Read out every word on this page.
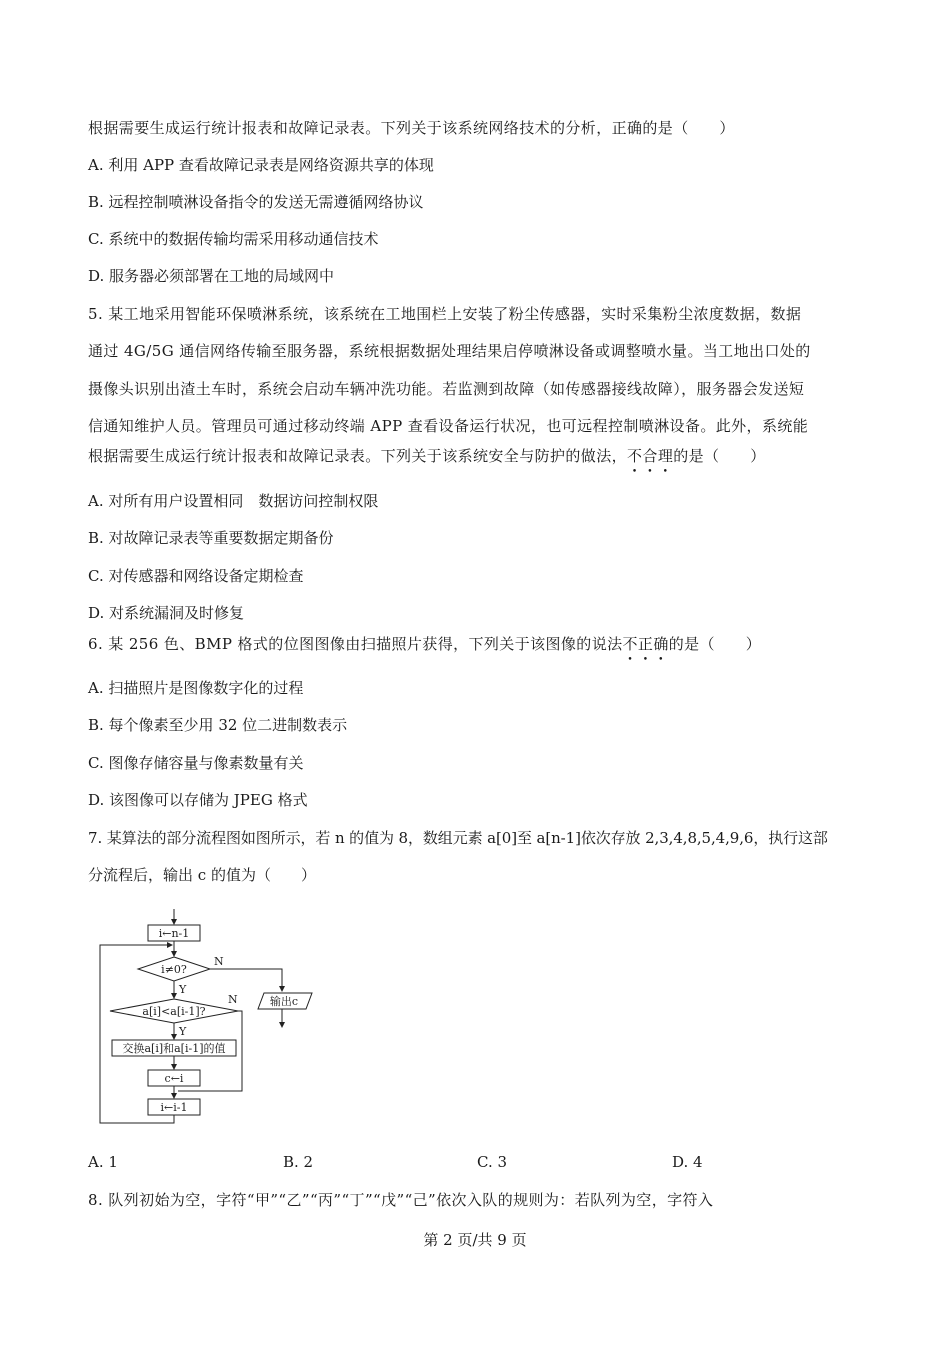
根据需要生成运行统计报表和故障记录表。下列关于该系统网络技术的分析，正确的是（　　）
A. 利用 APP 查看故障记录表是网络资源共享的体现
B. 远程控制喷淋设备指令的发送无需遵循网络协议
C. 系统中的数据传输均需采用移动通信技术
D. 服务器必须部署在工地的局域网中
5. 某工地采用智能环保喷淋系统，该系统在工地围栏上安装了粉尘传感器，实时采集粉尘浓度数据，数据
通过 4G/5G 通信网络传输至服务器，系统根据数据处理结果启停喷淋设备或调整喷水量。当工地出口处的
摄像头识别出渣土车时，系统会启动车辆冲洗功能。若监测到故障（如传感器接线故障），服务器会发送短
信通知维护人员。管理员可通过移动终端 APP 查看设备运行状况，也可远程控制喷淋设备。此外，系统能
根据需要生成运行统计报表和故障记录表。下列关于该系统安全与防护的做法，不合理的是（　　）
A. 对所有用户设置相同　数据访问控制权限
B. 对故障记录表等重要数据定期备份
C. 对传感器和网络设备定期检查
D. 对系统漏洞及时修复
6. 某 256 色、BMP 格式的位图图像由扫描照片获得，下列关于该图像的说法不正确的是（　　）
A. 扫描照片是图像数字化的过程
B. 每个像素至少用 32 位二进制数表示
C. 图像存储容量与像素数量有关
D. 该图像可以存储为 JPEG 格式
7. 某算法的部分流程图如图所示，若 n 的值为 8，数组元素 a[0]至 a[n-1]依次存放 2,3,4,8,5,4,9,6，执行这部
分流程后，输出 c 的值为（　　）
i←n-1
i≠0?
N
Y
输出c
a[i]<a[i-1]?
N
Y
交换a[i]和a[i-1]的值
c←i
i←i-1
A. 1	B. 2	C. 3	D. 4
8. 队列初始为空，字符“甲”“乙”“丙”“丁”“戊”“己”依次入队的规则为：若队列为空，字符入
第 2 页/共 9 页
